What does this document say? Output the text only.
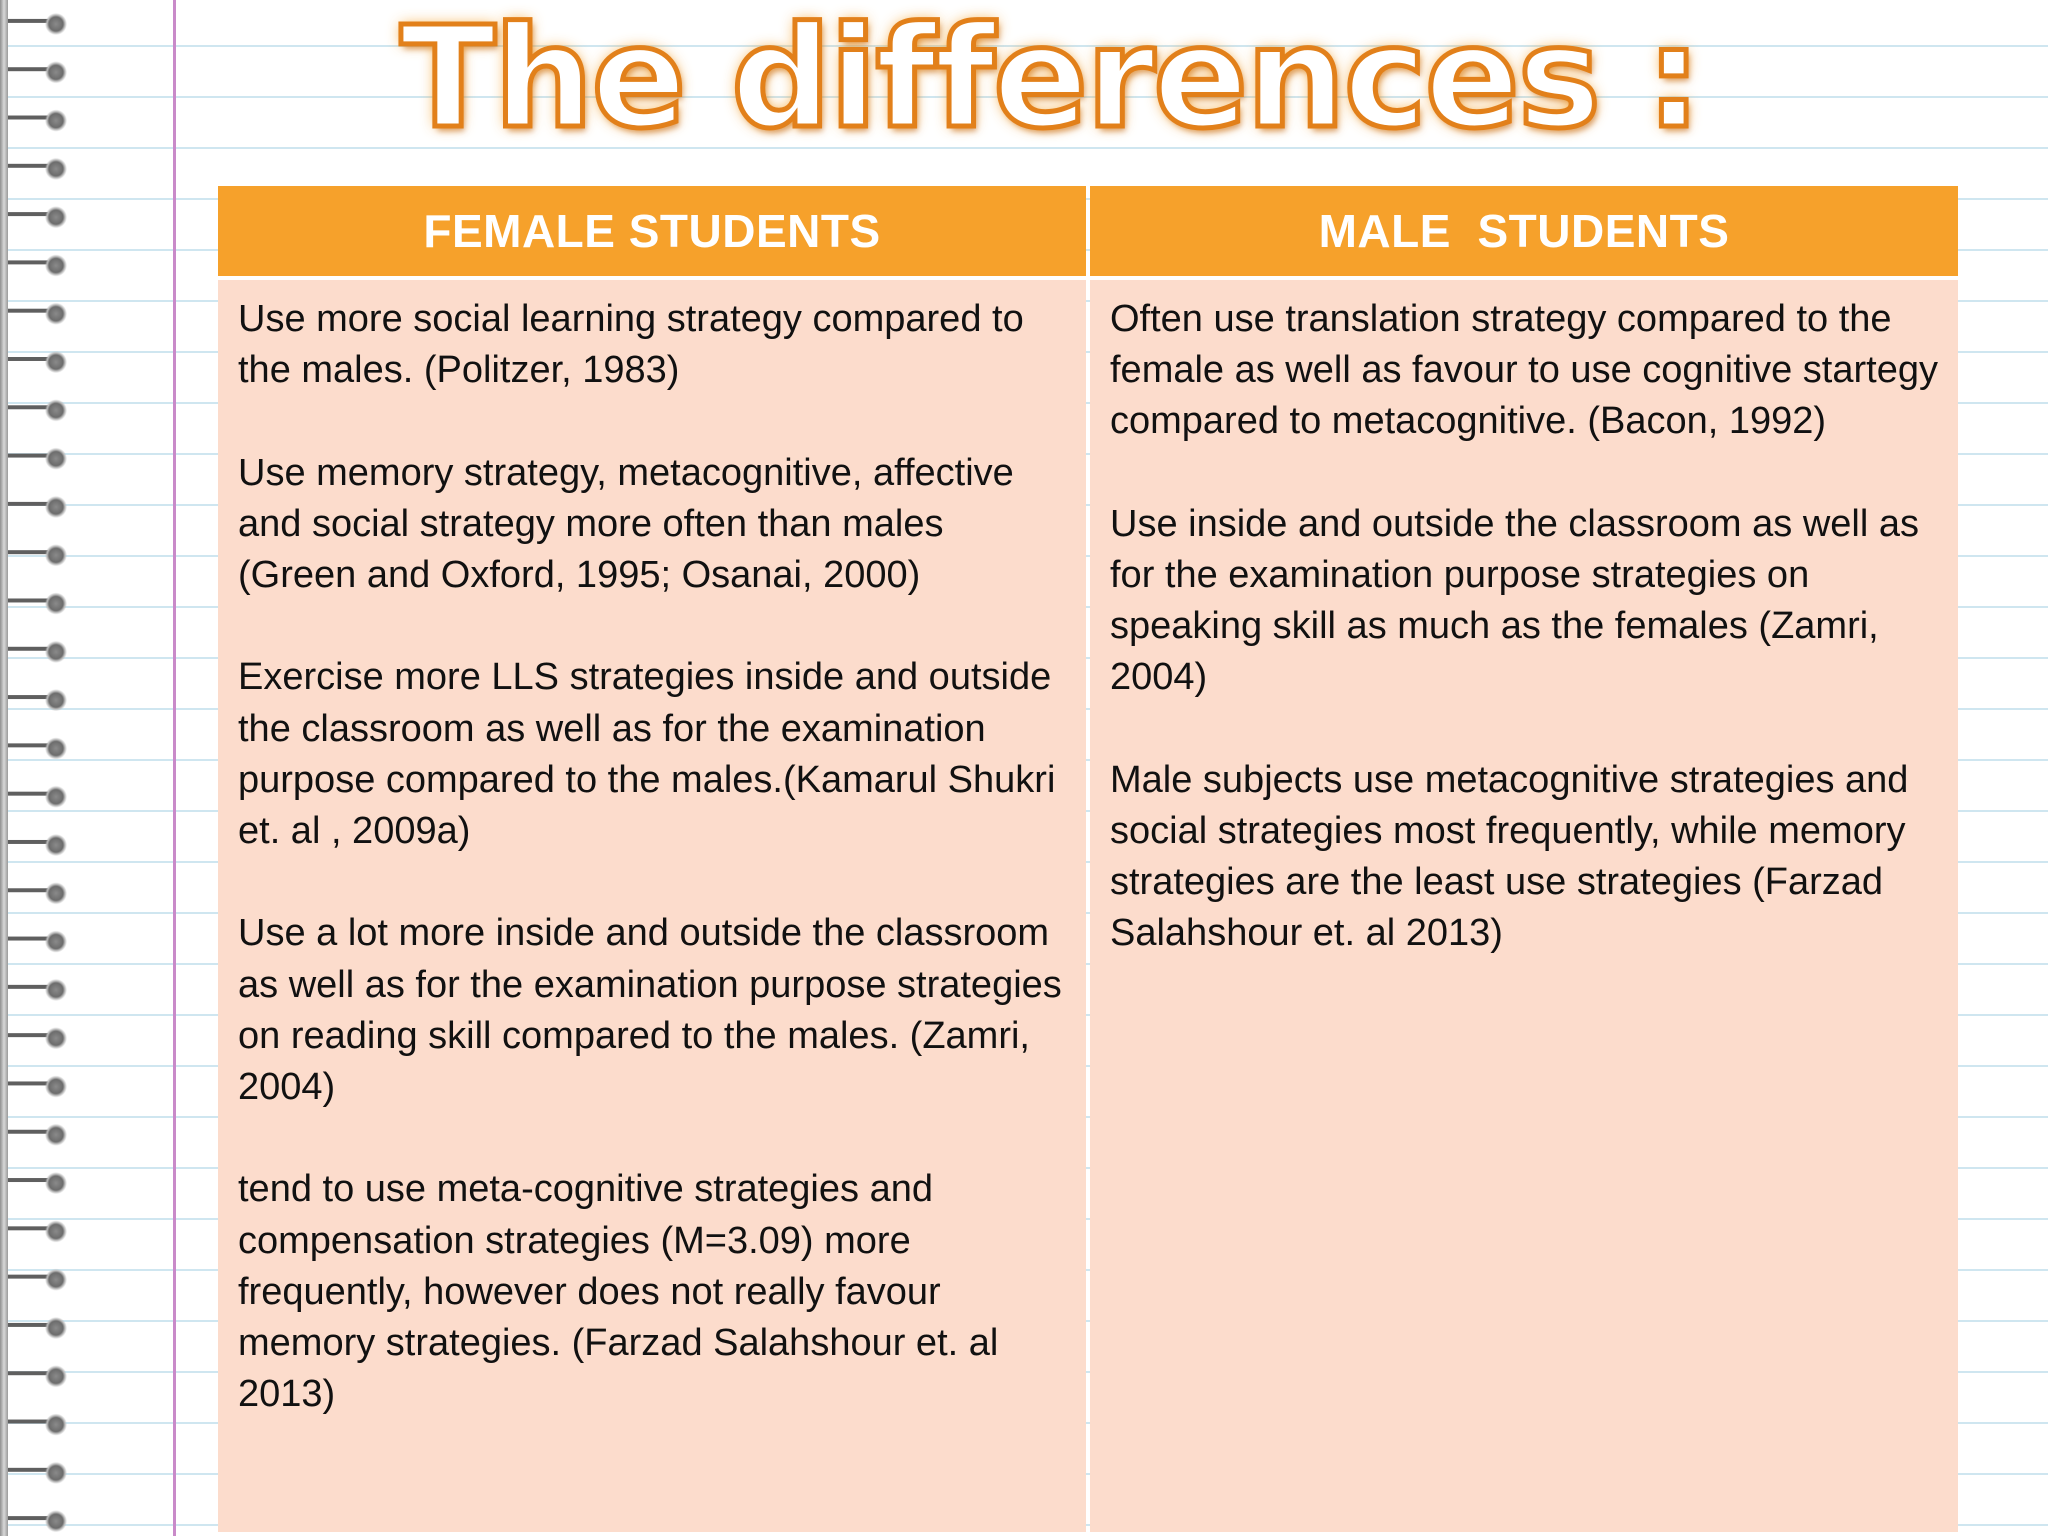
The differences :
FEMALE STUDENTS

Use more social learning strategy compared to the males. (Politzer, 1983)

Use memory strategy, metacognitive, affective and social strategy more often than males (Green and Oxford, 1995; Osanai, 2000)

Exercise more LLS strategies inside and outside the classroom as well as for the examination purpose compared to the males.(Kamarul Shukri et. al , 2009a)

Use a lot more inside and outside the classroom as well as for the examination purpose strategies on reading skill compared to the males. (Zamri, 2004)

tend to use meta-cognitive strategies and compensation strategies (M=3.09) more frequently, however does not really favour memory strategies. (Farzad Salahshour et. al 2013)

MALE  STUDENTS

Often use translation strategy compared to the female as well as favour to use cognitive startegy compared to metacognitive. (Bacon, 1992)

Use inside and outside the classroom as well as for the examination purpose strategies on speaking skill as much as the females (Zamri, 2004)

Male subjects use metacognitive strategies and social strategies most frequently, while memory strategies are the least use strategies (Farzad Salahshour et. al 2013)
